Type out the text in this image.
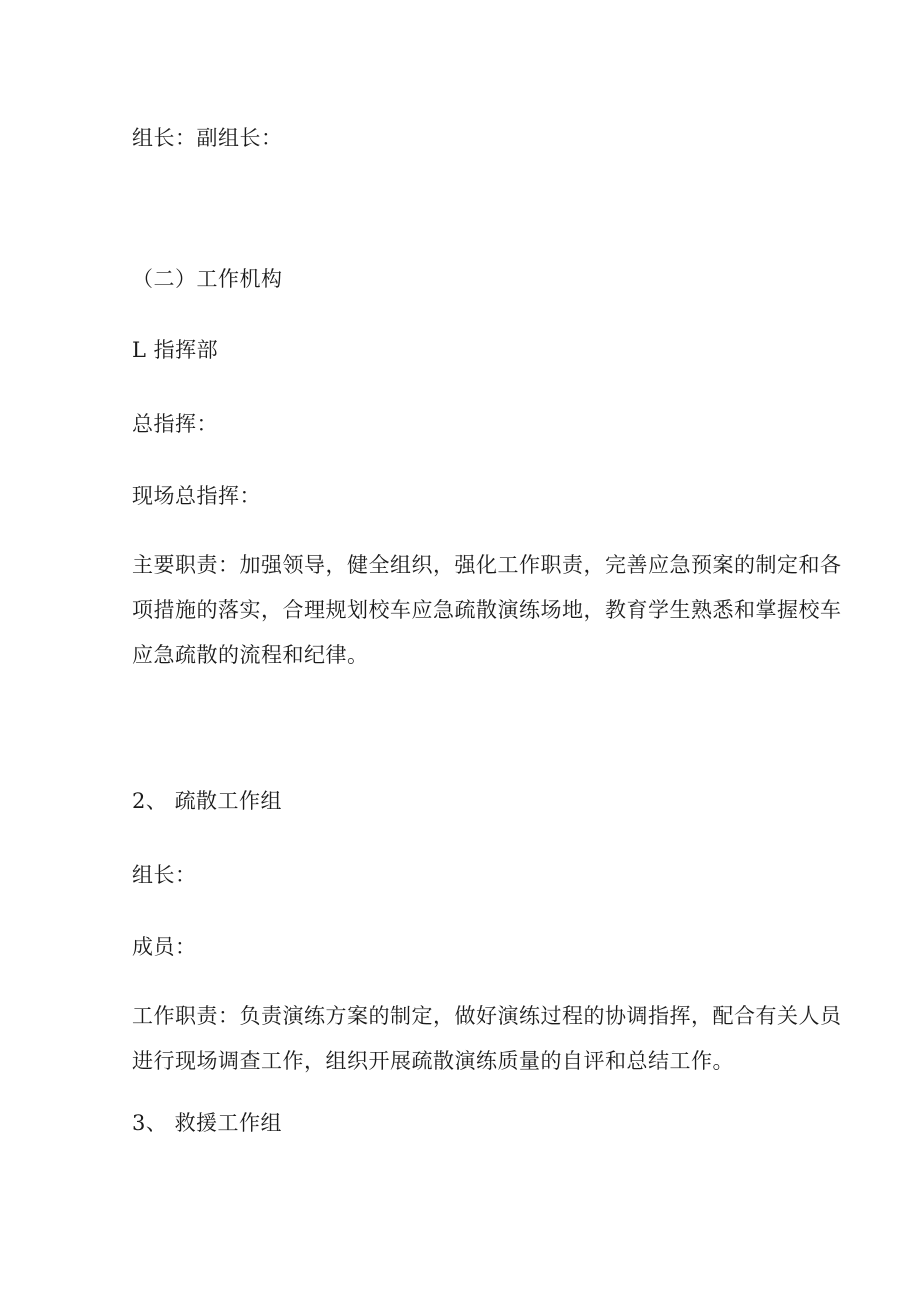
组长：副组长：
（二）工作机构
L 指挥部
总指挥：
现场总指挥：
主要职责：加强领导，健全组织，强化工作职责，完善应急预案的制定和各
项措施的落实，合理规划校车应急疏散演练场地，教育学生熟悉和掌握校车
应急疏散的流程和纪律。
2、 疏散工作组
组长：
成员：
工作职责：负责演练方案的制定，做好演练过程的协调指挥，配合有关人员
进行现场调查工作，组织开展疏散演练质量的自评和总结工作。
3、 救援工作组
